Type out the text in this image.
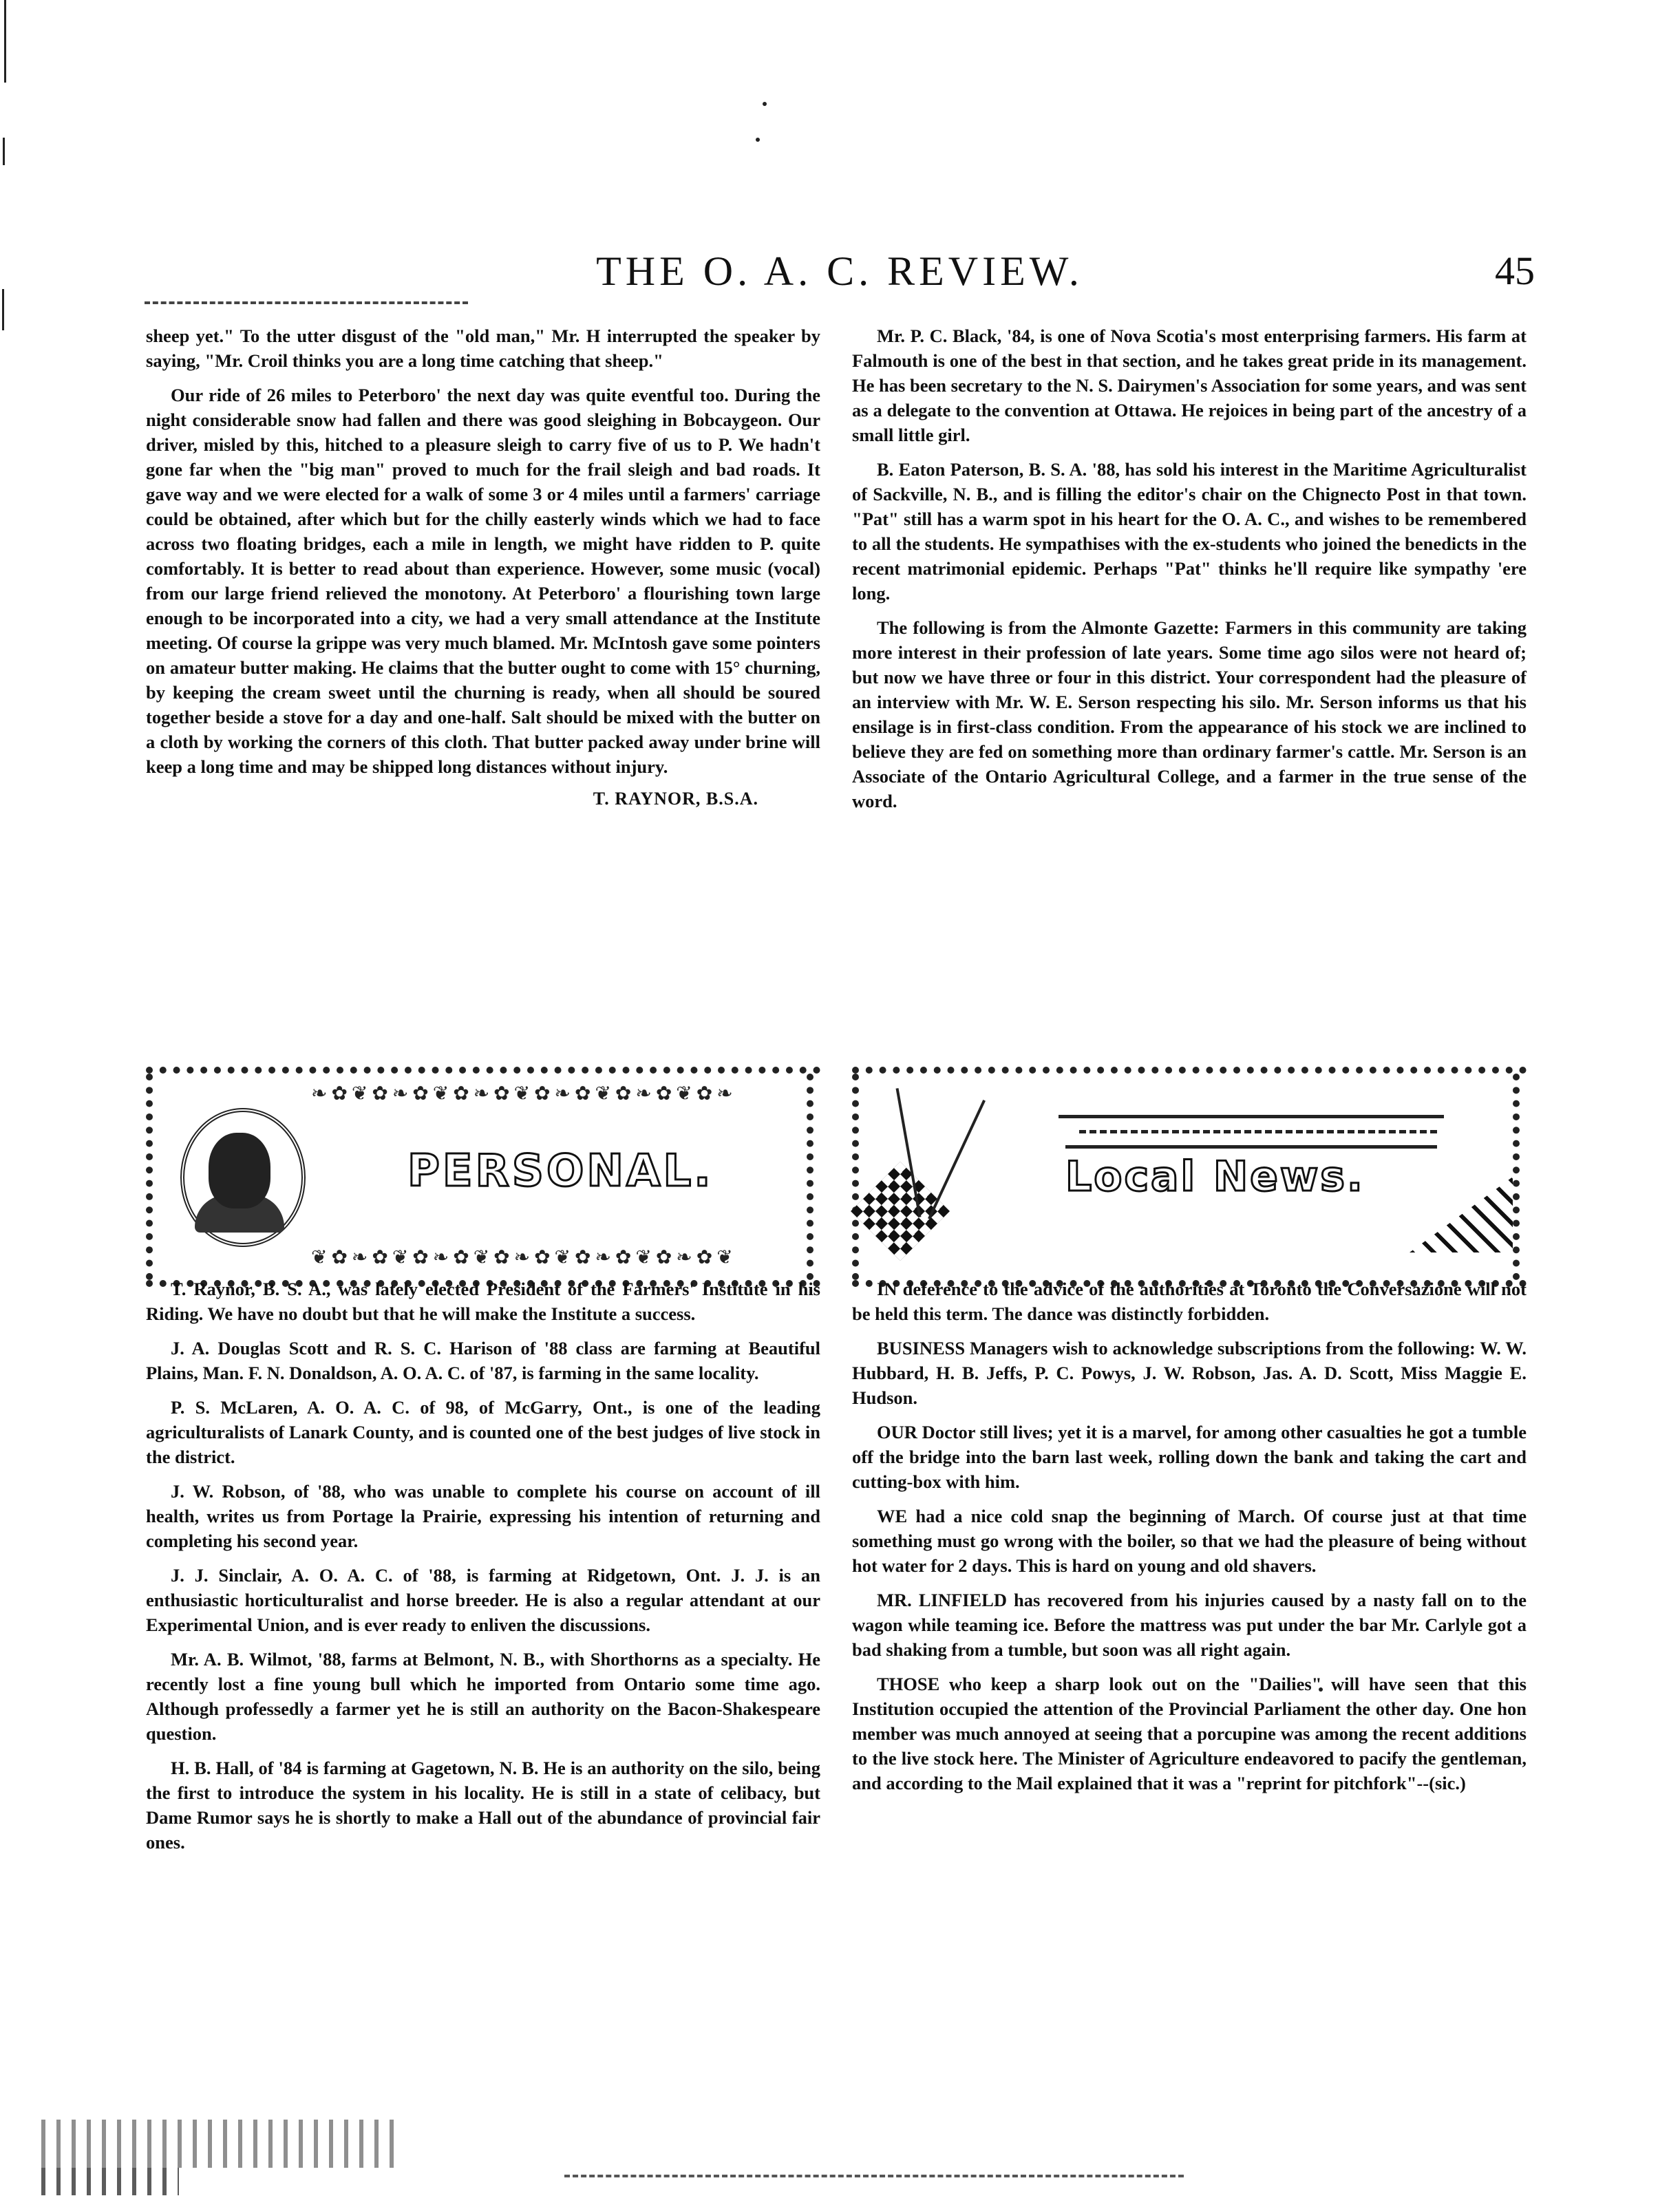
THE O. A. C. REVIEW.	45

sheep yet." To the utter disgust of the "old man," Mr. H interrupted the speaker by saying, "Mr. Croil thinks you are a long time catching that sheep."

Our ride of 26 miles to Peterboro' the next day was quite eventful too. During the night considerable snow had fallen and there was good sleighing in Bobcaygeon. Our driver, misled by this, hitched to a pleasure sleigh to carry five of us to P. We hadn't gone far when the "big man" proved to much for the frail sleigh and bad roads. It gave way and we were elected for a walk of some 3 or 4 miles until a farmers' carriage could be obtained, after which but for the chilly easterly winds which we had to face across two floating bridges, each a mile in length, we might have ridden to P. quite comfortably. It is better to read about than experience. However, some music (vocal) from our large friend relieved the monotony. At Peterboro' a flourishing town large enough to be incorporated into a city, we had a very small attendance at the Institute meeting. Of course la grippe was very much blamed. Mr. McIntosh gave some pointers on amateur butter making. He claims that the butter ought to come with 15° churning, by keeping the cream sweet until the churning is ready, when all should be soured together beside a stove for a day and one-half. Salt should be mixed with the butter on a cloth by working the corners of this cloth. That butter packed away under brine will keep a long time and may be shipped long distances without injury.

T. RAYNOR, B.S.A.

Mr. P. C. Black, '84, is one of Nova Scotia's most enterprising farmers. His farm at Falmouth is one of the best in that section, and he takes great pride in its management. He has been secretary to the N. S. Dairymen's Association for some years, and was sent as a delegate to the convention at Ottawa. He rejoices in being part of the ancestry of a small little girl.

B. Eaton Paterson, B. S. A. '88, has sold his interest in the Maritime Agriculturalist of Sackville, N. B., and is filling the editor's chair on the Chignecto Post in that town. "Pat" still has a warm spot in his heart for the O. A. C., and wishes to be remembered to all the students. He sympathises with the ex-students who joined the benedicts in the recent matrimonial epidemic. Perhaps "Pat" thinks he'll require like sympathy 'ere long.

The following is from the Almonte Gazette: Farmers in this community are taking more interest in their profession of late years. Some time ago silos were not heard of; but now we have three or four in this district. Your correspondent had the pleasure of an interview with Mr. W. E. Serson respecting his silo. Mr. Serson informs us that his ensilage is in first-class condition. From the appearance of his stock we are inclined to believe they are fed on something more than ordinary farmer's cattle. Mr. Serson is an Associate of the Ontario Agricultural College, and a farmer in the true sense of the word.

❧✿❦✿❧✿❦✿❧✿❦✿❧✿❦✿❧✿❦✿❧
❦✿❧✿❦✿❧✿❦✿❧✿❦✿❧✿❦✿❧✿❦
PERSONAL.	Local News.

T. Raynor, B. S. A., was lately elected President of the Farmers' Institute in his Riding. We have no doubt but that he will make the Institute a success.

J. A. Douglas Scott and R. S. C. Harison of '88 class are farming at Beautiful Plains, Man. F. N. Donaldson, A. O. A. C. of '87, is farming in the same locality.

P. S. McLaren, A. O. A. C. of 98, of McGarry, Ont., is one of the leading agriculturalists of Lanark County, and is counted one of the best judges of live stock in the district.

J. W. Robson, of '88, who was unable to complete his course on account of ill health, writes us from Portage la Prairie, expressing his intention of returning and completing his second year.

J. J. Sinclair, A. O. A. C. of '88, is farming at Ridgetown, Ont. J. J. is an enthusiastic horticulturalist and horse breeder. He is also a regular attendant at our Experimental Union, and is ever ready to enliven the discussions.

Mr. A. B. Wilmot, '88, farms at Belmont, N. B., with Shorthorns as a specialty. He recently lost a fine young bull which he imported from Ontario some time ago. Although professedly a farmer yet he is still an authority on the Bacon-Shakespeare question.

H. B. Hall, of '84 is farming at Gagetown, N. B. He is an authority on the silo, being the first to introduce the system in his locality. He is still in a state of celibacy, but Dame Rumor says he is shortly to make a Hall out of the abundance of provincial fair ones.

IN deference to the advice of the authorities at Toronto the Conversazione will not be held this term. The dance was distinctly forbidden.

BUSINESS Managers wish to acknowledge subscriptions from the following: W. W. Hubbard, H. B. Jeffs, P. C. Powys, J. W. Robson, Jas. A. D. Scott, Miss Maggie E. Hudson.

OUR Doctor still lives; yet it is a marvel, for among other casualties he got a tumble off the bridge into the barn last week, rolling down the bank and taking the cart and cutting-box with him.

WE had a nice cold snap the beginning of March. Of course just at that time something must go wrong with the boiler, so that we had the pleasure of being without hot water for 2 days. This is hard on young and old shavers.

MR. LINFIELD has recovered from his injuries caused by a nasty fall on to the wagon while teaming ice. Before the mattress was put under the bar Mr. Carlyle got a bad shaking from a tumble, but soon was all right again.

THOSE who keep a sharp look out on the "Dailies" will have seen that this Institution occupied the attention of the Provincial Parliament the other day. One hon member was much annoyed at seeing that a porcupine was among the recent additions to the live stock here. The Minister of Agriculture endeavored to pacify the gentleman, and according to the Mail explained that it was a "reprint for pitchfork"--(sic.)
